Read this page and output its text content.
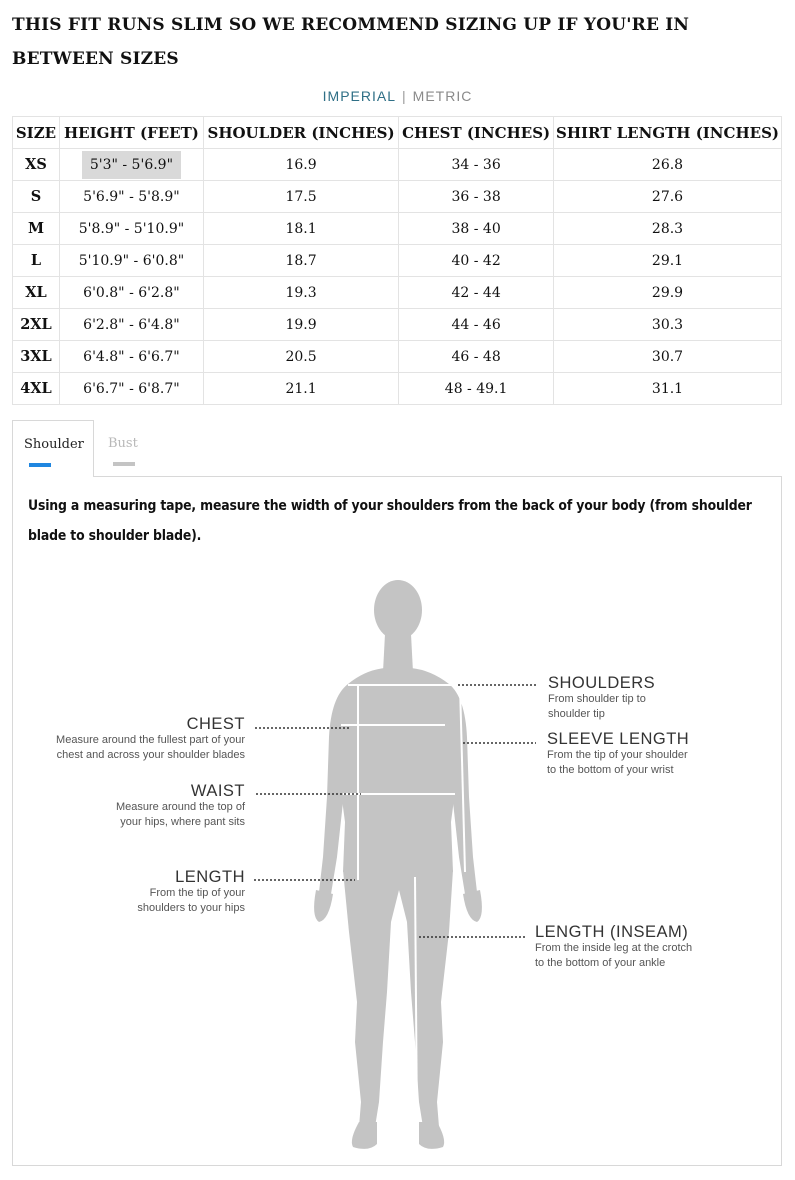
THIS FIT RUNS SLIM SO WE RECOMMEND SIZING UP IF YOU'RE IN BETWEEN SIZES

IMPERIAL | METRIC
SIZE	HEIGHT (FEET)	SHOULDER (INCHES)	CHEST (INCHES)	SHIRT LENGTH (INCHES)
XS	5'3" - 5'6.9"	16.9	34 - 36	26.8
S	5'6.9" - 5'8.9"	17.5	36 - 38	27.6
M	5'8.9" - 5'10.9"	18.1	38 - 40	28.3
L	5'10.9" - 6'0.8"	18.7	40 - 42	29.1
XL	6'0.8" - 6'2.8"	19.3	42 - 44	29.9
2XL	6'2.8" - 6'4.8"	19.9	44 - 46	30.3
3XL	6'4.8" - 6'6.7"	20.5	46 - 48	30.7
4XL	6'6.7" - 6'8.7"	21.1	48 - 49.1	31.1
Shoulder Bust

Using a measuring tape, measure the width of your shoulders from the back of your body (from shoulder blade to shoulder blade).

CHEST
Measure around the fullest part of your
chest and across your shoulder blades
WAIST
Measure around the top of
your hips, where pant sits
LENGTH
From the tip of your
shoulders to your hips
SHOULDERS
From shoulder tip to
shoulder tip
SLEEVE LENGTH
From the tip of your shoulder
to the bottom of your wrist
LENGTH (INSEAM)
From the inside leg at the crotch
to the bottom of your ankle
